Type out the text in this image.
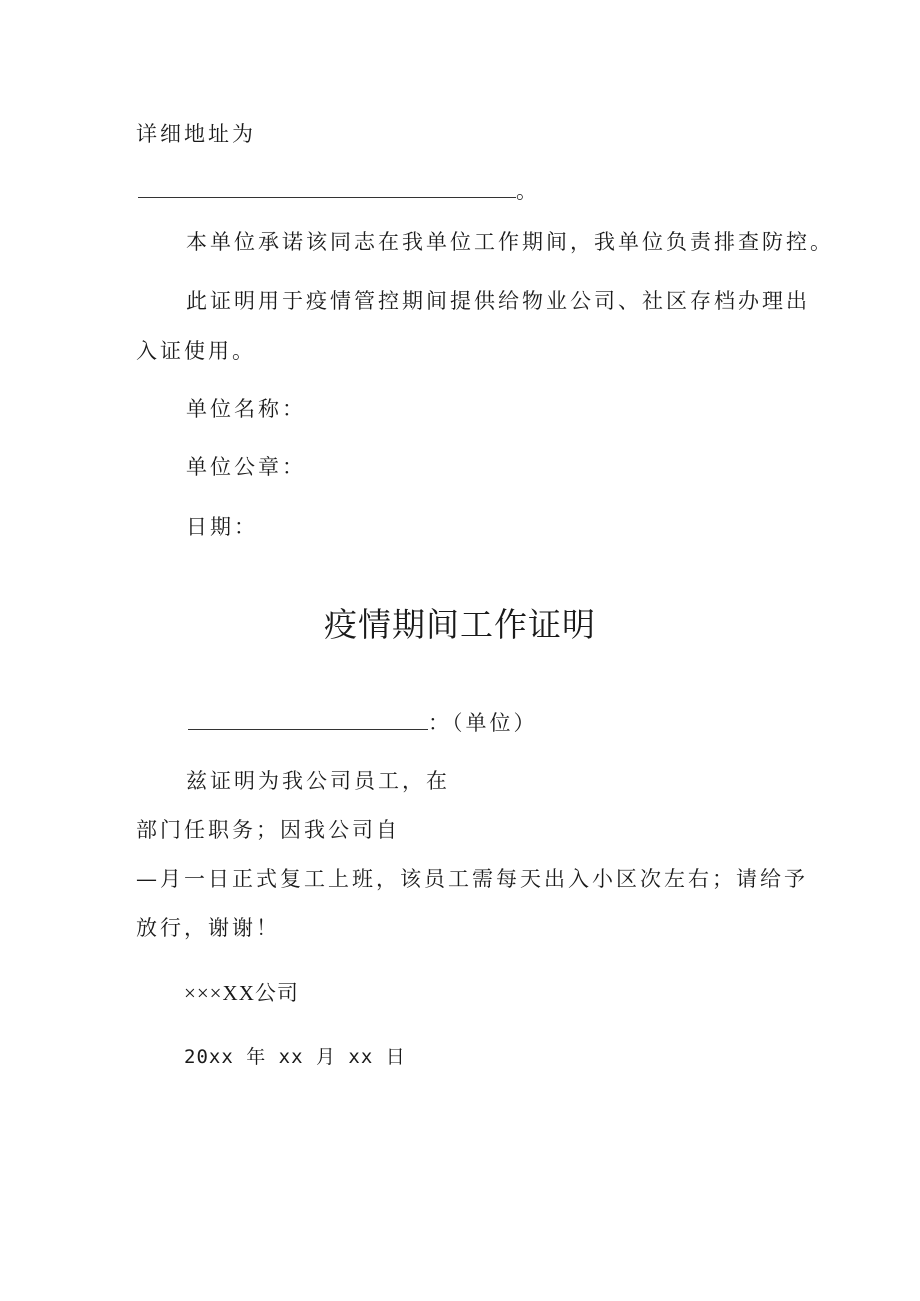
详细地址为
。
本单位承诺该同志在我单位工作期间，我单位负责排查防控。
此证明用于疫情管控期间提供给物业公司、社区存档办理出
入证使用。
单位名称：
单位公章：
日期：
疫情期间工作证明
：（单位）
兹证明为我公司员工，在
部门任职务；因我公司自
—月一日正式复工上班，该员工需每天出入小区次左右；请给予
放行，谢谢！
×××XX公司
20xx 年 xx 月 xx 日
